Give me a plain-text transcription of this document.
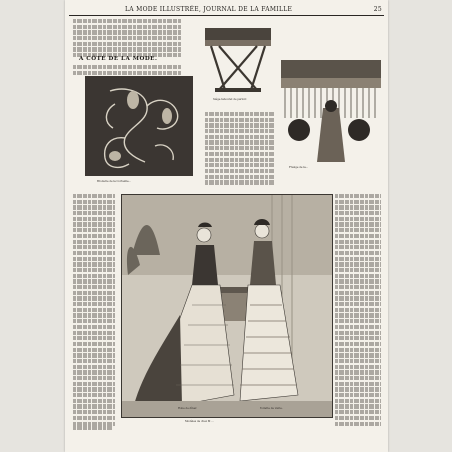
LA MODE ILLUSTRÉE, JOURNAL DE LA FAMILLE	25
A CÔTÉ DE LA MODE.
Broderie de la Corbeille...
Siège-tabouret de parloir.
Frange de la...
Robe de dîner.	Toilette de visite.
Modèles de chez M ...
